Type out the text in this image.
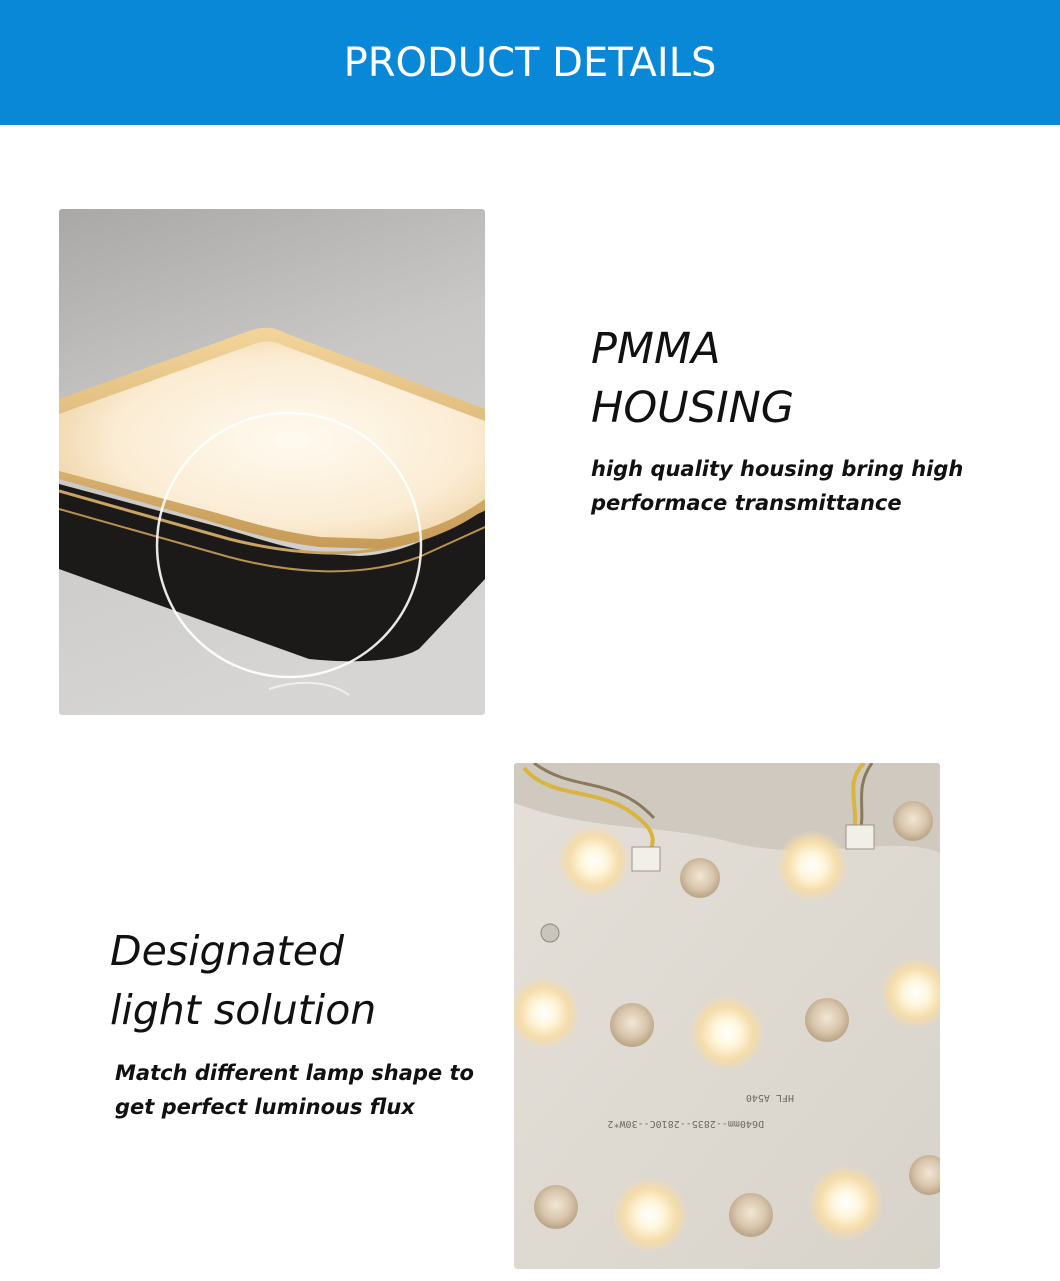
PRODUCT DETAILS
PMMA
HOUSING

high quality housing bring high
performace transmittance

D640mm--2835--2810C--30W*2
HFL A540
Designated
light solution

Match different lamp shape to
get perfect luminous flux
